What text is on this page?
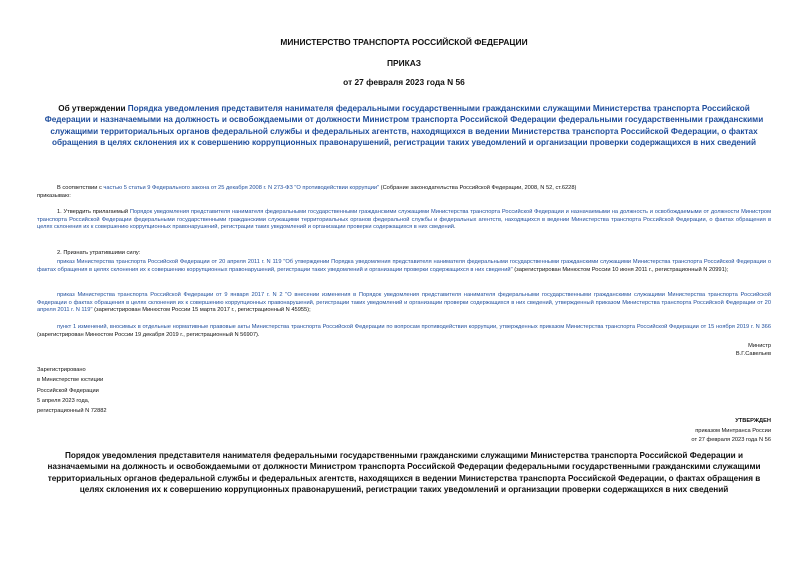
МИНИСТЕРСТВО ТРАНСПОРТА РОССИЙСКОЙ ФЕДЕРАЦИИ
ПРИКАЗ
от 27 февраля 2023 года N 56
Об утверждении Порядка уведомления представителя нанимателя федеральными государственными гражданскими служащими Министерства транспорта Российской Федерации и назначаемыми на должность и освобождаемыми от должности Министром транспорта Российской Федерации федеральными государственными гражданскими служащими территориальных органов федеральной службы и федеральных агентств, находящихся в ведении Министерства транспорта Российской Федерации, о фактах обращения в целях склонения их к совершению коррупционных правонарушений, регистрации таких уведомлений и организации проверки содержащихся в них сведений
В соответствии с частью 5 статьи 9 Федерального закона от 25 декабря 2008 г. N 273-ФЗ "О противодействии коррупции" (Собрание законодательства Российской Федерации, 2008, N 52, ст.6228)
приказываю:
1. Утвердить прилагаемый Порядок уведомления представителя нанимателя федеральными государственными гражданскими служащими Министерства транспорта Российской Федерации и назначаемыми на должность и освобождаемыми от должности Министром транспорта Российской Федерации федеральными государственными гражданскими служащими территориальных органов федеральной службы и федеральных агентств, находящихся в ведении Министерства транспорта Российской Федерации, о фактах обращения в целях склонения их к совершению коррупционных правонарушений, регистрации таких уведомлений и организации проверки содержащихся в них сведений.
2. Признать утратившими силу:
приказ Министерства транспорта Российской Федерации от 20 апреля 2011 г. N 119 "Об утверждении Порядка уведомления представителя нанимателя федеральными государственными гражданскими служащими Министерства транспорта Российской Федерации о фактах обращения в целях склонения их к совершению коррупционных правонарушений, регистрации таких уведомлений и организации проверки содержащихся в них сведений" (зарегистрирован Минюстом России 10 июня 2011 г., регистрационный N 20991);
приказ Министерства транспорта Российской Федерации от 9 января 2017 г. N 2 "О внесении изменения в Порядок уведомления представителя нанимателя федеральными государственными гражданскими служащими Министерства транспорта Российской Федерации о фактах обращения в целях склонения их к совершению коррупционных правонарушений, регистрации таких уведомлений и организации проверки содержащихся в них сведений, утвержденный приказом Министерства транспорта Российской Федерации от 20 апреля 2011 г. N 119" (зарегистрирован Минюстом России 15 марта 2017 г., регистрационный N 45955);
пункт 1 изменений, вносимых в отдельные нормативные правовые акты Министерства транспорта Российской Федерации по вопросам противодействия коррупции, утвержденных приказом Министерства транспорта Российской Федерации от 15 ноября 2019 г. N 366 (зарегистрирован Минюстом России 19 декабря 2019 г., регистрационный N 56907).
Министр
В.Г.Савельев
Зарегистрировано
в Министерстве юстиции
Российской Федерации
5 апреля 2023 года,
регистрационный N 72882
УТВЕРЖДЕН
приказом Минтранса России
от 27 февраля 2023 года N 56
Порядок уведомления представителя нанимателя федеральными государственными гражданскими служащими Министерства транспорта Российской Федерации и назначаемыми на должность и освобождаемыми от должности Министром транспорта Российской Федерации федеральными государственными гражданскими служащими территориальных органов федеральной службы и федеральных агентств, находящихся в ведении Министерства транспорта Российской Федерации, о фактах обращения в целях склонения их к совершению коррупционных правонарушений, регистрации таких уведомлений и организации проверки содержащихся в них сведений
